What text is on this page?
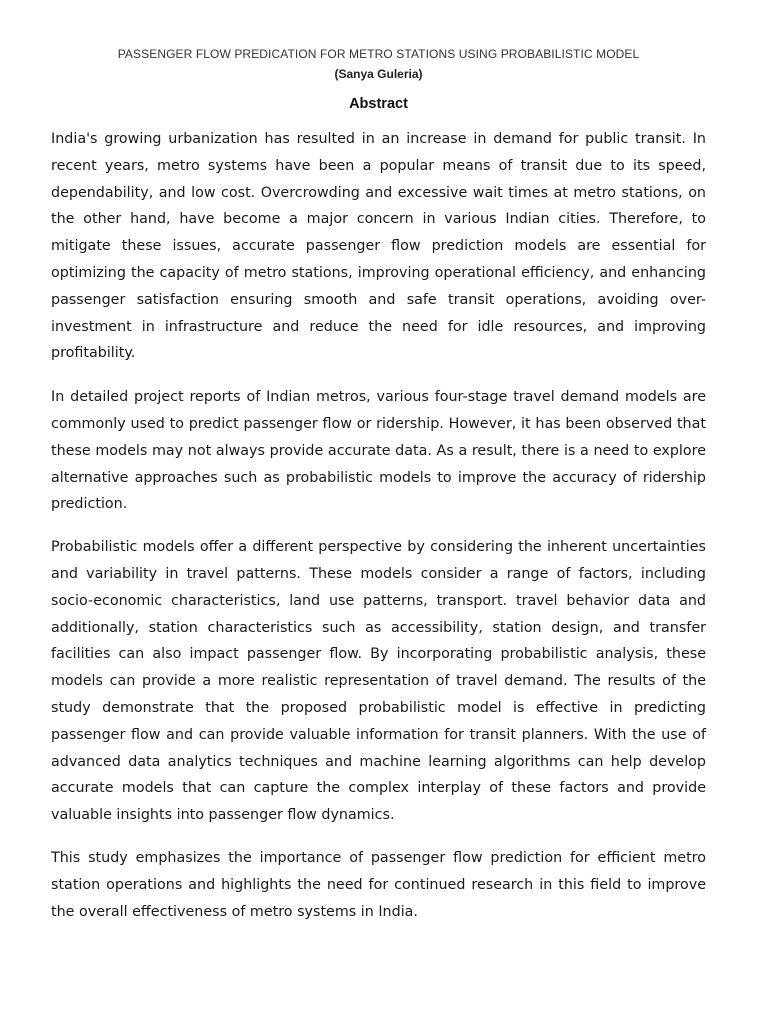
PASSENGER FLOW PREDICATION FOR METRO STATIONS USING PROBABILISTIC MODEL

(Sanya Guleria)

Abstract

India's growing urbanization has resulted in an increase in demand for public transit. In recent years, metro systems have been a popular means of transit due to its speed, dependability, and low cost. Overcrowding and excessive wait times at metro stations, on the other hand, have become a major concern in various Indian cities. Therefore, to mitigate these issues, accurate passenger flow prediction models are essential for optimizing the capacity of metro stations, improving operational efficiency, and enhancing passenger satisfaction ensuring smooth and safe transit operations, avoiding over-investment in infrastructure and reduce the need for idle resources, and improving profitability.

In detailed project reports of Indian metros, various four-stage travel demand models are commonly used to predict passenger flow or ridership. However, it has been observed that these models may not always provide accurate data. As a result, there is a need to explore alternative approaches such as probabilistic models to improve the accuracy of ridership prediction.

Probabilistic models offer a different perspective by considering the inherent uncertainties and variability in travel patterns. These models consider a range of factors, including socio-economic characteristics, land use patterns, transport. travel behavior data and additionally, station characteristics such as accessibility, station design, and transfer facilities can also impact passenger flow. By incorporating probabilistic analysis, these models can provide a more realistic representation of travel demand. The results of the study demonstrate that the proposed probabilistic model is effective in predicting passenger flow and can provide valuable information for transit planners. With the use of advanced data analytics techniques and machine learning algorithms can help develop accurate models that can capture the complex interplay of these factors and provide valuable insights into passenger flow dynamics.

This study emphasizes the importance of passenger flow prediction for efficient metro station operations and highlights the need for continued research in this field to improve the overall effectiveness of metro systems in India.
